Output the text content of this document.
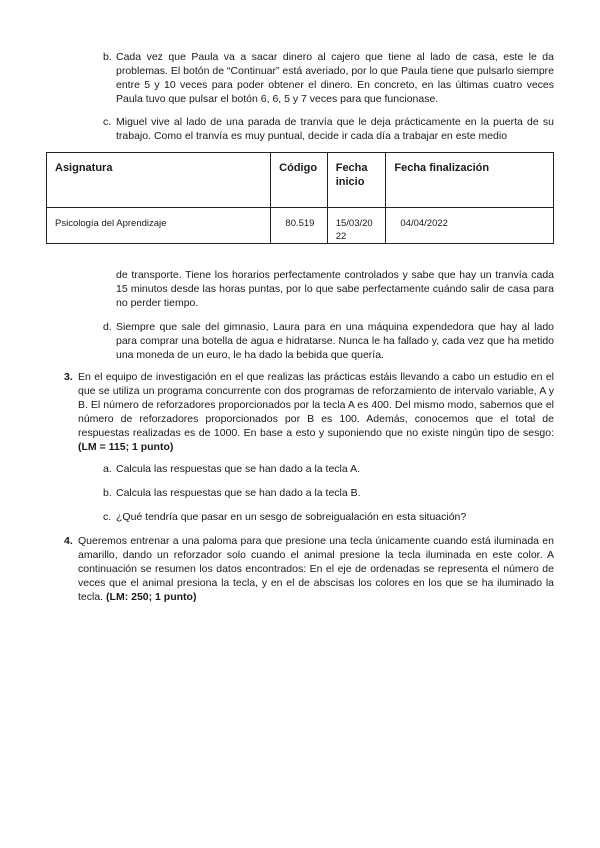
b. Cada vez que Paula va a sacar dinero al cajero que tiene al lado de casa, este le da problemas. El botón de “Continuar” está averiado, por lo que Paula tiene que pulsarlo siempre entre 5 y 10 veces para poder obtener el dinero. En concreto, en las últimas cuatro veces Paula tuvo que pulsar el botón 6, 6, 5 y 7 veces para que funcionase.
c. Miguel vive al lado de una parada de tranvía que le deja prácticamente en la puerta de su trabajo. Como el tranvía es muy puntual, decide ir cada día a trabajar en este medio
Asignatura	Código	Fecha inicio	Fecha finalización
Psicología del Aprendizaje	80.519	15/03/2022	04/04/2022
de transporte. Tiene los horarios perfectamente controlados y sabe que hay un tranvía cada 15 minutos desde las horas puntas, por lo que sabe perfectamente cuándo salir de casa para no perder tiempo.
d. Siempre que sale del gimnasio, Laura para en una máquina expendedora que hay al lado para comprar una botella de agua e hidratarse. Nunca le ha fallado y, cada vez que ha metido una moneda de un euro, le ha dado la bebida que quería.
3. En el equipo de investigación en el que realizas las prácticas estáis llevando a cabo un estudio en el que se utiliza un programa concurrente con dos programas de reforzamiento de intervalo variable, A y B. El número de reforzadores proporcionados por la tecla A es 400. Del mismo modo, sabemos que el número de reforzadores proporcionados por B es 100. Además, conocemos que el total de respuestas realizadas es de 1000. En base a esto y suponiendo que no existe ningún tipo de sesgo: (LM = 115; 1 punto)
a. Calcula las respuestas que se han dado a la tecla A.
b. Calcula las respuestas que se han dado a la tecla B.
c. ¿Qué tendría que pasar en un sesgo de sobreigualación en esta situación?
4. Queremos entrenar a una paloma para que presione una tecla únicamente cuando está iluminada en amarillo, dando un reforzador solo cuando el animal presione la tecla iluminada en este color. A continuación se resumen los datos encontrados: En el eje de ordenadas se representa el número de veces que el animal presiona la tecla, y en el de abscisas los colores en los que se ha iluminado la tecla. (LM: 250; 1 punto)
